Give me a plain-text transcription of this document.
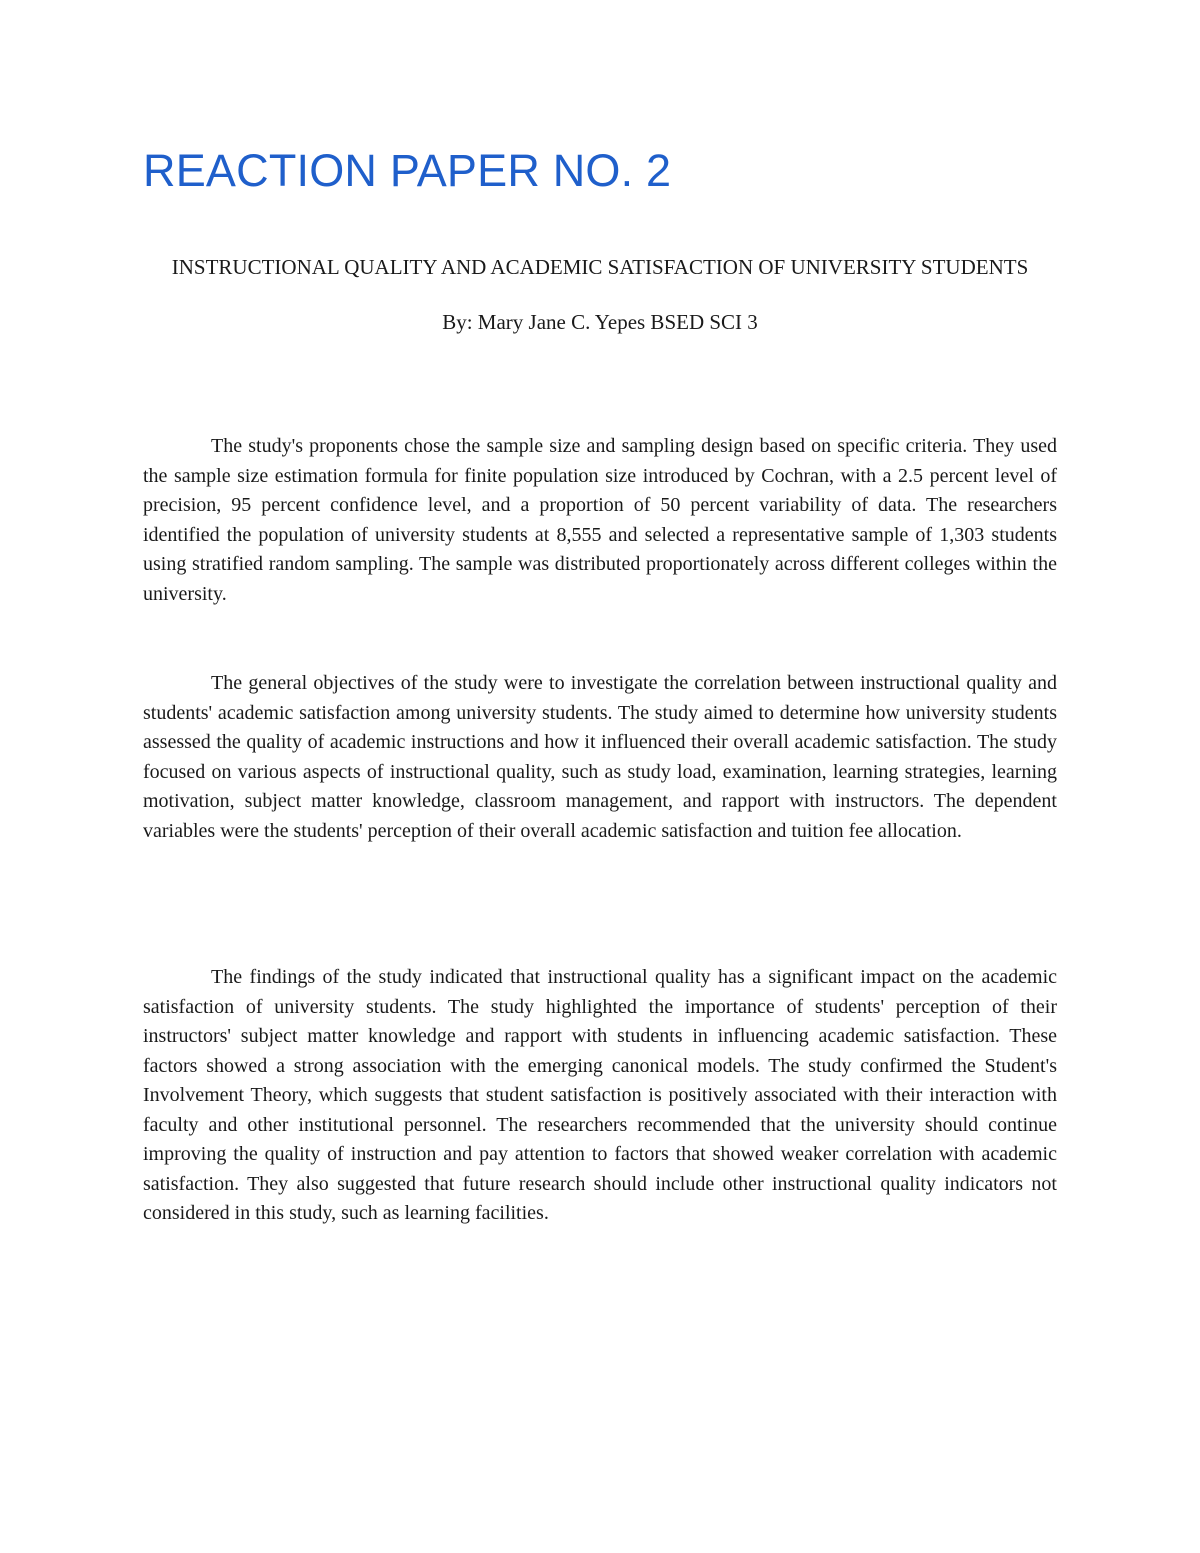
REACTION PAPER NO. 2
INSTRUCTIONAL QUALITY AND ACADEMIC SATISFACTION OF UNIVERSITY STUDENTS

By: Mary Jane C. Yepes BSED SCI 3

The study's proponents chose the sample size and sampling design based on specific criteria. They used the sample size estimation formula for finite population size introduced by Cochran, with a 2.5 percent level of precision, 95 percent confidence level, and a proportion of 50 percent variability of data. The researchers identified the population of university students at 8,555 and selected a representative sample of 1,303 students using stratified random sampling. The sample was distributed proportionately across different colleges within the university.

The general objectives of the study were to investigate the correlation between instructional quality and students' academic satisfaction among university students. The study aimed to determine how university students assessed the quality of academic instructions and how it influenced their overall academic satisfaction. The study focused on various aspects of instructional quality, such as study load, examination, learning strategies, learning motivation, subject matter knowledge, classroom management, and rapport with instructors. The dependent variables were the students' perception of their overall academic satisfaction and tuition fee allocation.

The findings of the study indicated that instructional quality has a significant impact on the academic satisfaction of university students. The study highlighted the importance of students' perception of their instructors' subject matter knowledge and rapport with students in influencing academic satisfaction. These factors showed a strong association with the emerging canonical models. The study confirmed the Student's Involvement Theory, which suggests that student satisfaction is positively associated with their interaction with faculty and other institutional personnel. The researchers recommended that the university should continue improving the quality of instruction and pay attention to factors that showed weaker correlation with academic satisfaction. They also suggested that future research should include other instructional quality indicators not considered in this study, such as learning facilities.
